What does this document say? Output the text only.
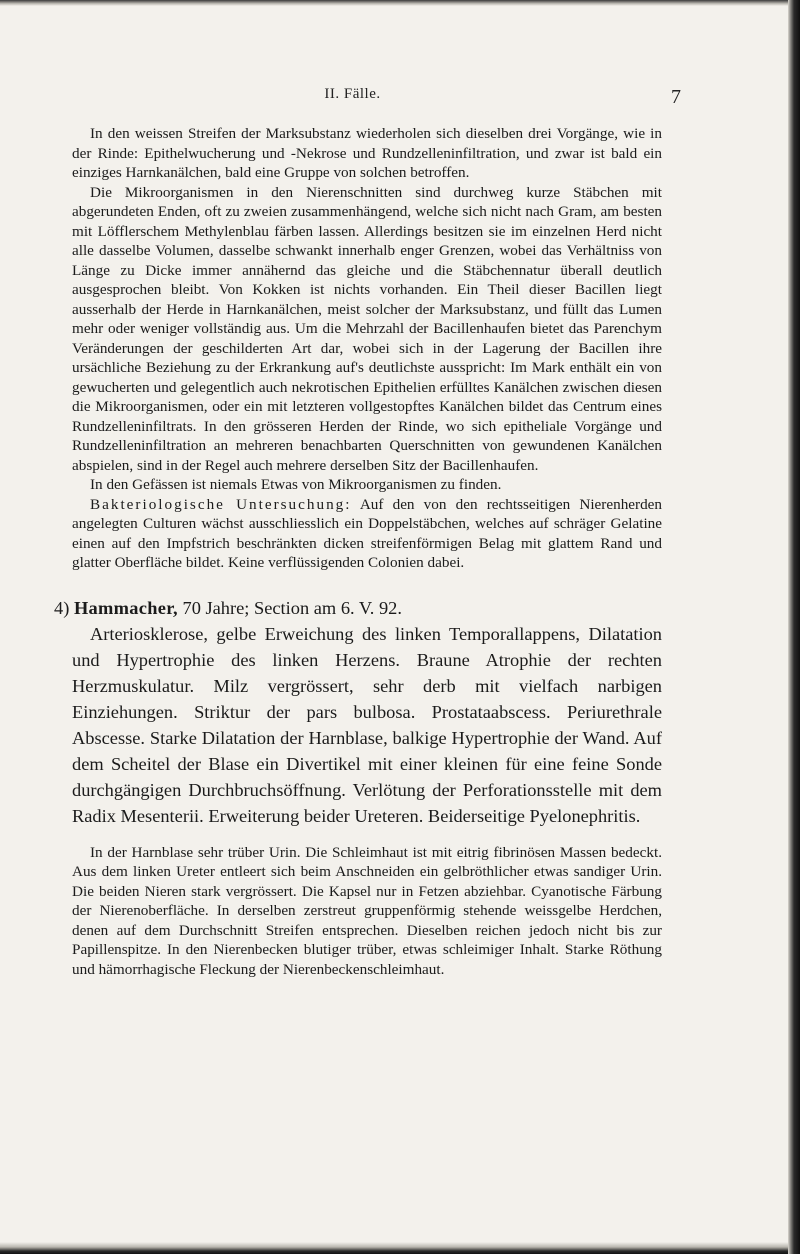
II. Fälle.	7

In den weissen Streifen der Marksubstanz wiederholen sich dieselben drei Vorgänge, wie in der Rinde: Epithelwucherung und -Nekrose und Rundzelleninfiltration, und zwar ist bald ein einziges Harnkanälchen, bald eine Gruppe von solchen betroffen.

Die Mikroorganismen in den Nierenschnitten sind durchweg kurze Stäbchen mit abgerundeten Enden, oft zu zweien zusammenhängend, welche sich nicht nach Gram, am besten mit Löfflerschem Methylenblau färben lassen. Allerdings besitzen sie im einzelnen Herd nicht alle dasselbe Volumen, dasselbe schwankt innerhalb enger Grenzen, wobei das Verhältniss von Länge zu Dicke immer annähernd das gleiche und die Stäbchennatur überall deutlich ausgesprochen bleibt. Von Kokken ist nichts vorhanden. Ein Theil dieser Bacillen liegt ausserhalb der Herde in Harnkanälchen, meist solcher der Marksubstanz, und füllt das Lumen mehr oder weniger vollständig aus. Um die Mehrzahl der Bacillenhaufen bietet das Parenchym Veränderungen der geschilderten Art dar, wobei sich in der Lagerung der Bacillen ihre ursächliche Beziehung zu der Erkrankung auf's deutlichste ausspricht: Im Mark enthält ein von gewucherten und gelegentlich auch nekrotischen Epithelien erfülltes Kanälchen zwischen diesen die Mikroorganismen, oder ein mit letzteren vollgestopftes Kanälchen bildet das Centrum eines Rundzelleninfiltrats. In den grösseren Herden der Rinde, wo sich epitheliale Vorgänge und Rundzelleninfiltration an mehreren benachbarten Querschnitten von gewundenen Kanälchen abspielen, sind in der Regel auch mehrere derselben Sitz der Bacillenhaufen.

In den Gefässen ist niemals Etwas von Mikroorganismen zu finden.

Bakteriologische Untersuchung: Auf den von den rechtsseitigen Nierenherden angelegten Culturen wächst ausschliesslich ein Doppelstäbchen, welches auf schräger Gelatine einen auf den Impfstrich beschränkten dicken streifenförmigen Belag mit glattem Rand und glatter Oberfläche bildet. Keine verflüssigenden Colonien dabei.

4) Hammacher, 70 Jahre; Section am 6. V. 92.

Arteriosklerose, gelbe Erweichung des linken Temporallappens, Dilatation und Hypertrophie des linken Herzens. Braune Atrophie der rechten Herzmuskulatur. Milz vergrössert, sehr derb mit vielfach narbigen Einziehungen. Striktur der pars bulbosa. Prostataabscess. Periurethrale Abscesse. Starke Dilatation der Harnblase, balkige Hypertrophie der Wand. Auf dem Scheitel der Blase ein Divertikel mit einer kleinen für eine feine Sonde durchgängigen Durchbruchsöffnung. Verlötung der Perforationsstelle mit dem Radix Mesenterii. Erweiterung beider Ureteren. Beiderseitige Pyelonephritis.

In der Harnblase sehr trüber Urin. Die Schleimhaut ist mit eitrig fibrinösen Massen bedeckt. Aus dem linken Ureter entleert sich beim Anschneiden ein gelbröthlicher etwas sandiger Urin. Die beiden Nieren stark vergrössert. Die Kapsel nur in Fetzen abziehbar. Cyanotische Färbung der Nierenoberfläche. In derselben zerstreut gruppenförmig stehende weissgelbe Herdchen, denen auf dem Durchschnitt Streifen entsprechen. Dieselben reichen jedoch nicht bis zur Papillenspitze. In den Nierenbecken blutiger trüber, etwas schleimiger Inhalt. Starke Röthung und hämorrhagische Fleckung der Nierenbeckenschleimhaut.
